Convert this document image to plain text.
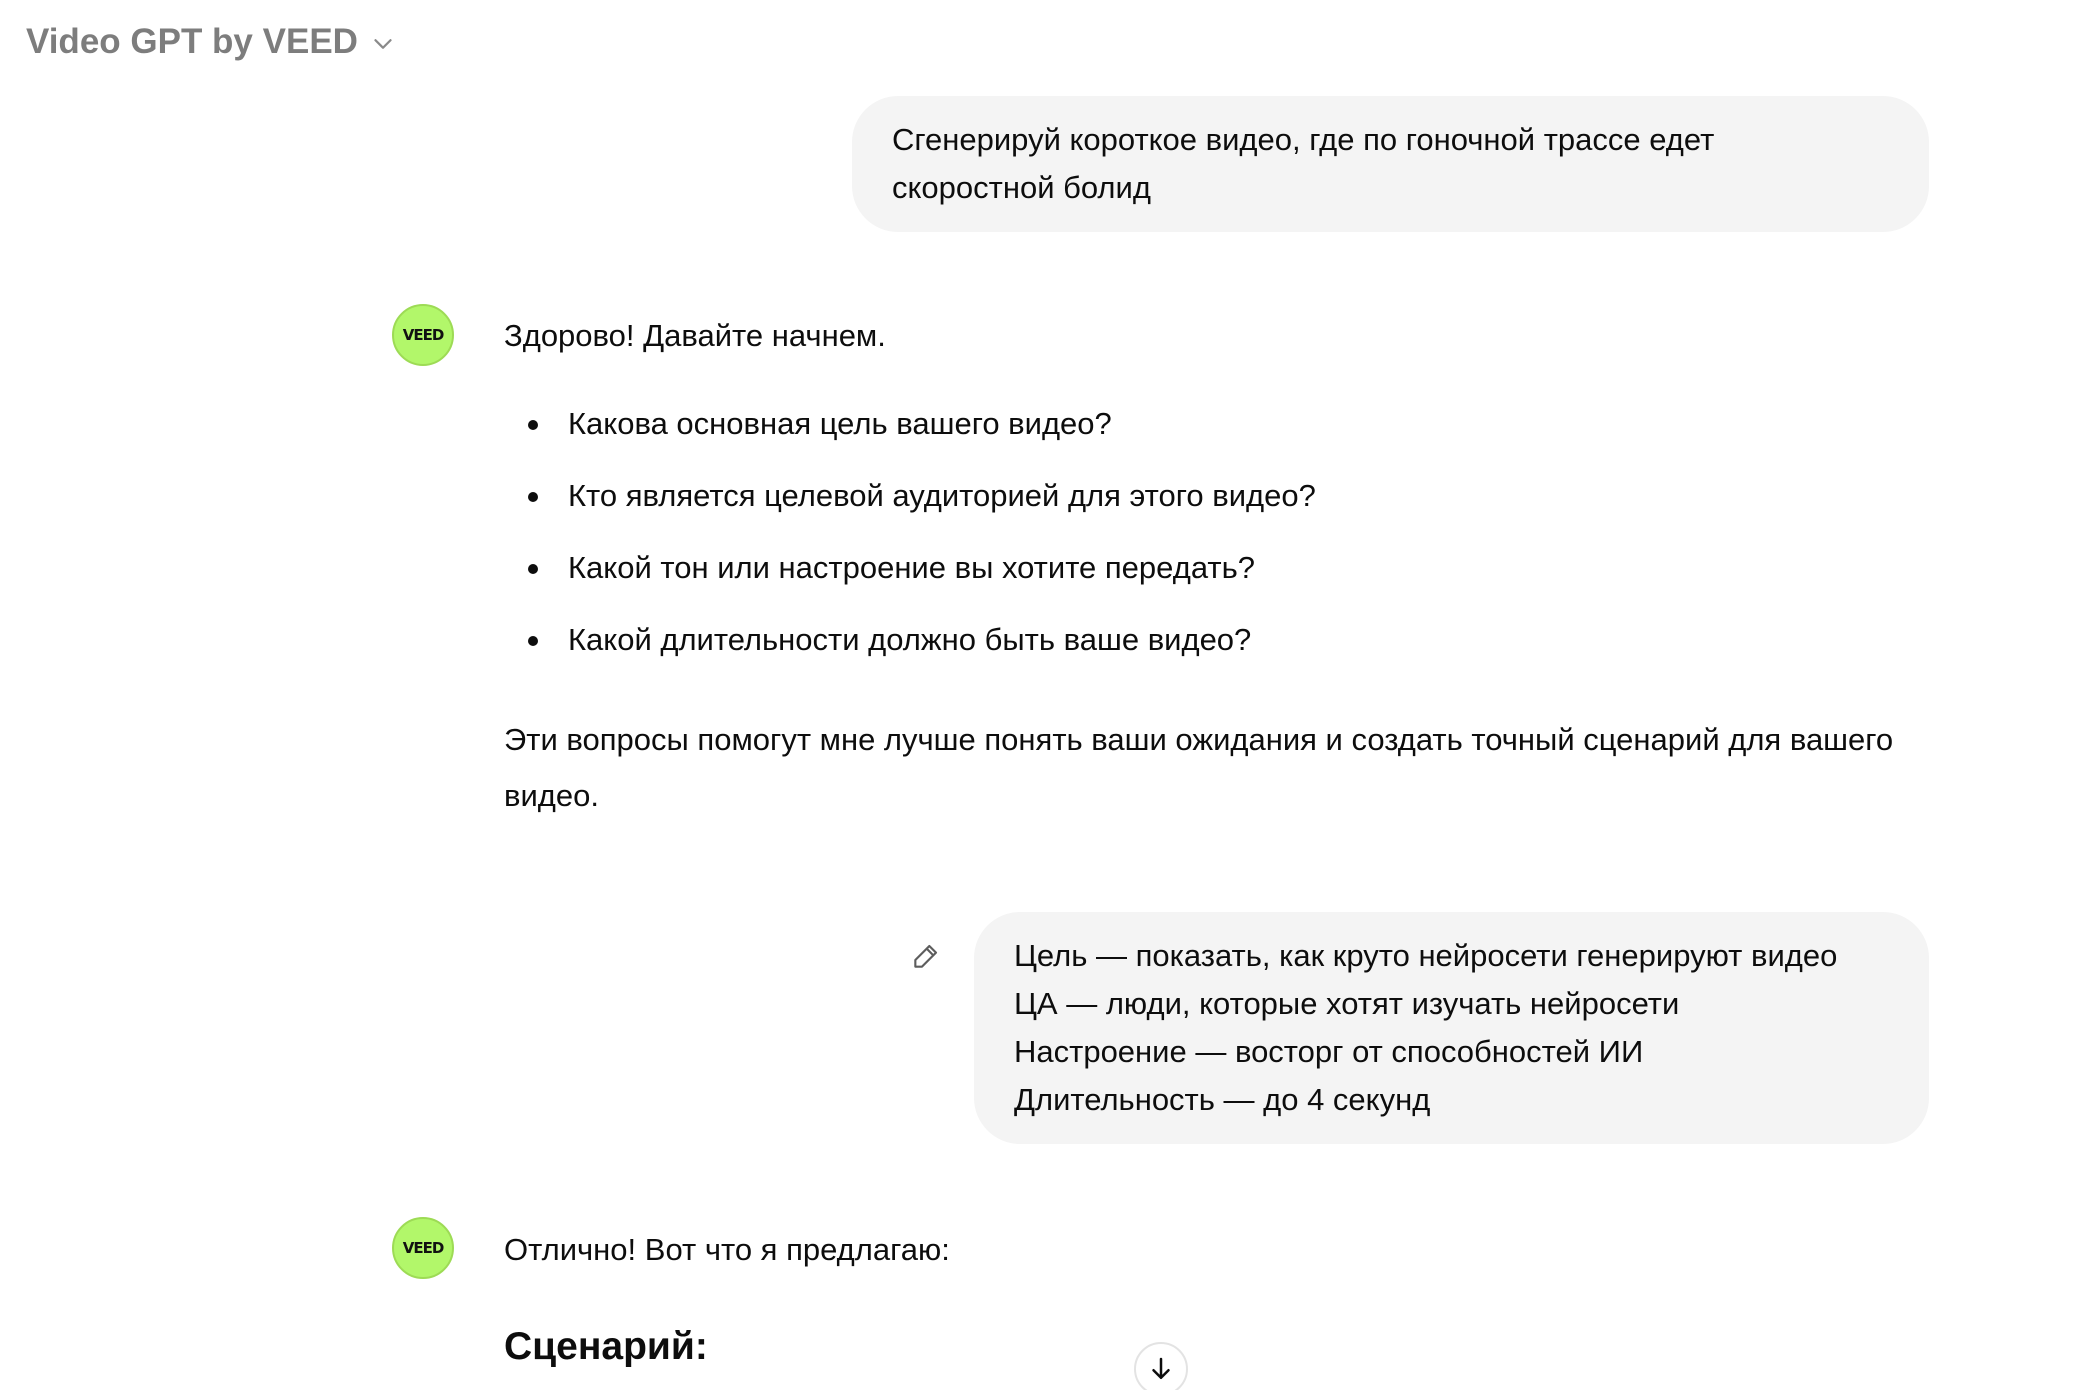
Video GPT by VEED
Сгенерируй короткое видео, где по гоночной трассе едет
скоростной болид
VEED Здорово! Давайте начнем.

Какова основная цель вашего видео?
Кто является целевой аудиторией для этого видео?
Какой тон или настроение вы хотите передать?
Какой длительности должно быть ваше видео?

Эти вопросы помогут мне лучше понять ваши ожидания и создать точный сценарий для вашего видео.

Цель — показать, как круто нейросети генерируют видео
ЦА — люди, которые хотят изучать нейросети
Настроение — восторг от способностей ИИ
Длительность — до 4 секунд
VEED Отлично! Вот что я предлагаю:

Сценарий:
